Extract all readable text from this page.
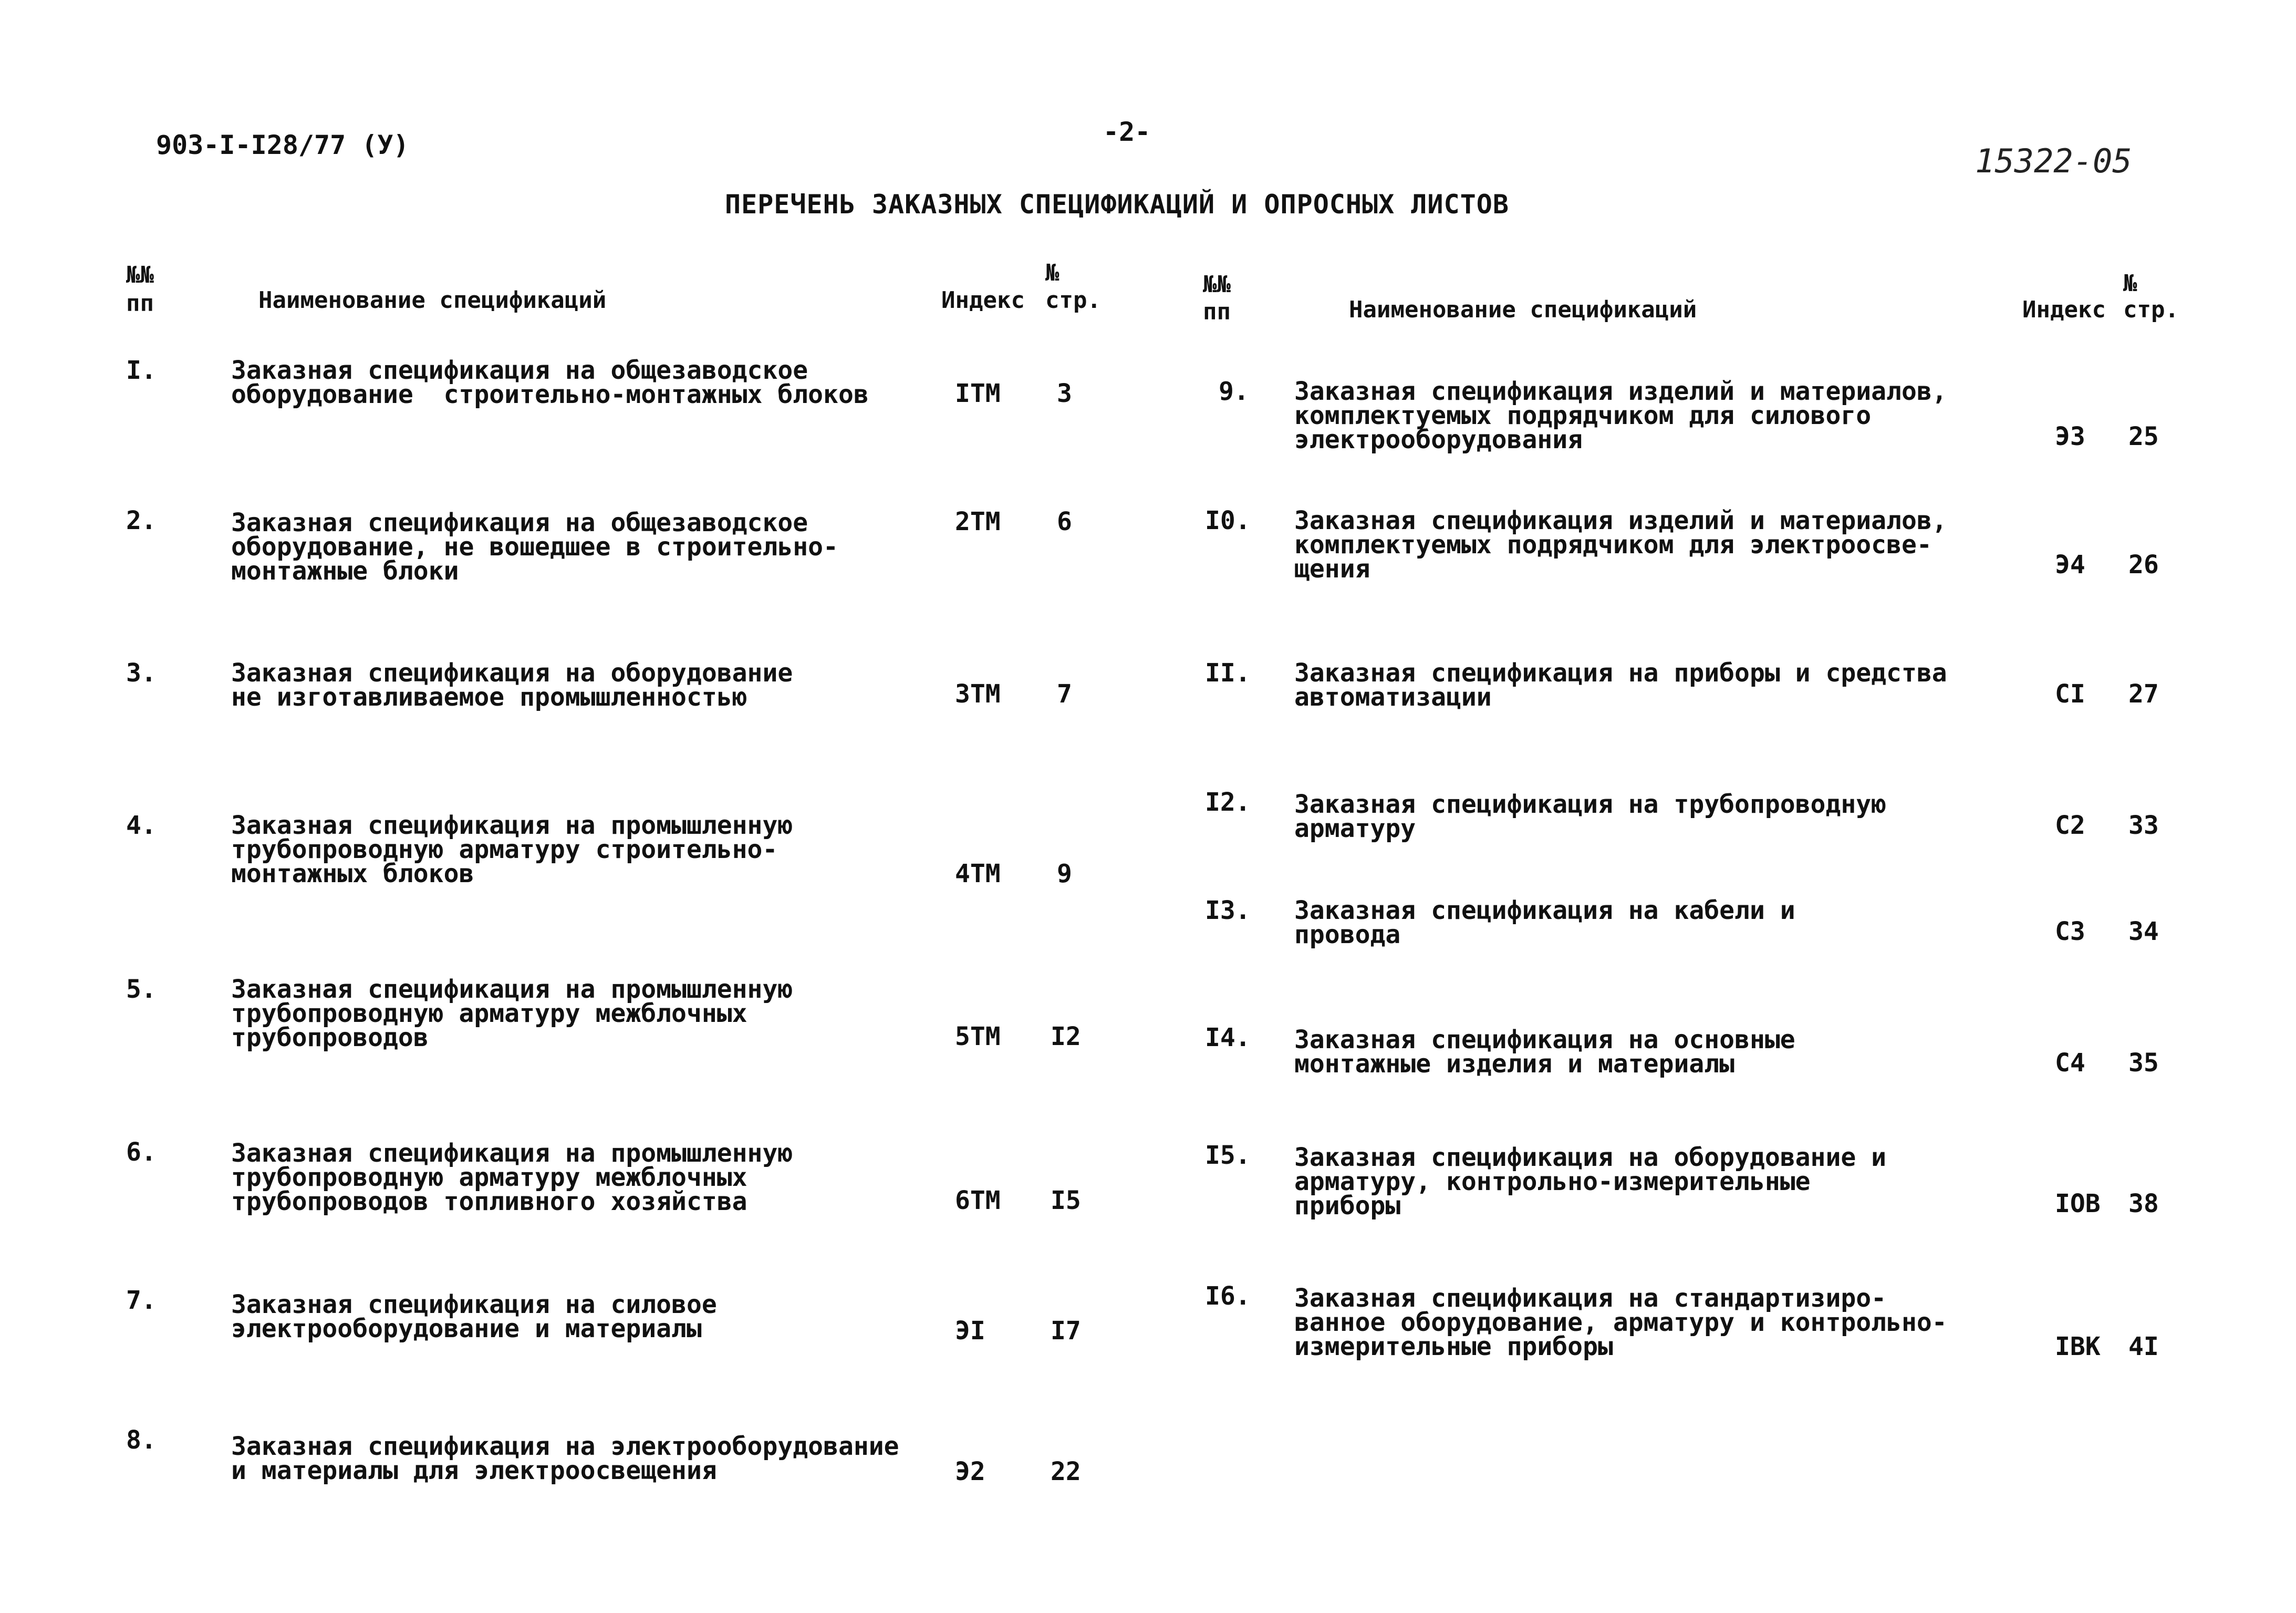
903-I-I28/77 (У)	-2-
15322-05
ПЕРЕЧЕНЬ ЗАКАЗНЫХ СПЕЦИФИКАЦИЙ И ОПРОСНЫХ ЛИСТОВ
№№
пп	Наименование спецификаций	Индекс
№
стр.
№№
пп	Наименование спецификаций	Индекс
№
стр.
I.	Заказная спецификация на общезаводское
оборудование  строительно-монтажных блоков	ITM 3
2.	Заказная спецификация на общезаводское
оборудование, не вошедшее в строительно-
монтажные блоки
2TM 6
3.	Заказная спецификация на оборудование
не изготавливаемое промышленностью	3TM 7
4.	Заказная спецификация на промышленную
трубопроводную арматуру строительно-
монтажных блоков	4TM 9
5.	Заказная спецификация на промышленную
трубопроводную арматуру межблочных
трубопроводов	5TM I2
6.	Заказная спецификация на промышленную
трубопроводную арматуру межблочных
трубопроводов топливного хозяйства	6TM I5
7.	Заказная спецификация на силовое
электрооборудование и материалы	ЭI	I7
8.	Заказная спецификация на электрооборудование
и материалы для электроосвещения	Э2	22
9. Заказная спецификация изделий и материалов,
комплектуемых подрядчиком для силового
электрооборудования	Э3 25
I0. Заказная спецификация изделий и материалов,
комплектуемых подрядчиком для электроосве-
щения	Э4 26
II. Заказная спецификация на приборы и средства
автоматизации	CI 27
I2. Заказная спецификация на трубопроводную
арматуру	C2 33
I3. Заказная спецификация на кабели и
провода	C3 34
I4. Заказная спецификация на основные
монтажные изделия и материалы	C4 35
I5. Заказная спецификация на оборудование и
арматуру, контрольно-измерительные
приборы	IOB 38
I6. Заказная спецификация на стандартизиро-
ванное оборудование, арматуру и контрольно-
измерительные приборы	IBK 4I
